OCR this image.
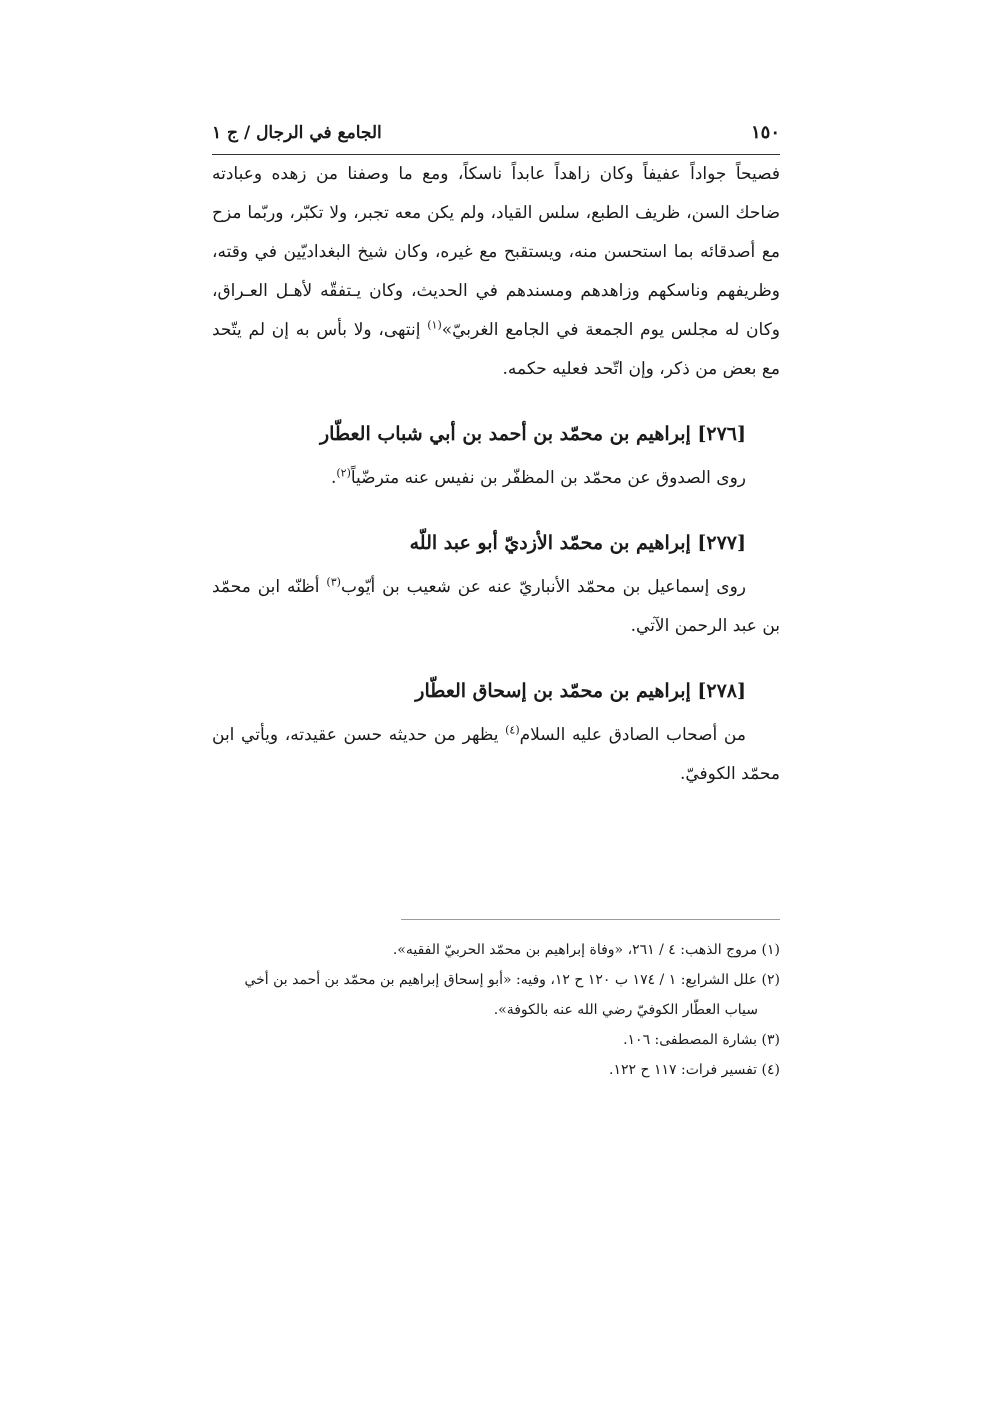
١٥٠
الجامع في الرجال / ج ١

فصيحاً جواداً عفيفاً وكان زاهداً عابداً ناسكاً، ومع ما وصفنا من زهده وعبادته ضاحك السن، ظريف الطبع، سلس القياد، ولم يكن معه تجبر، ولا تكبّر، وربّما مزح مع أصدقائه بما استحسن منه، ويستقبح مع غيره، وكان شيخ البغداديّين في وقته، وظريفهم وناسكهم وزاهدهم ومسندهم في الحديث، وكان يـتفقّه لأهـل العـراق، وكان له مجلس يوم الجمعة في الجامع الغربيّ»$^{(١)}$ إنتهى، ولا بأس به إن لم يتّحد مع بعض من ذكر، وإن اتّحد فعليه حكمه.

[٢٧٦] إبراهيم بن محمّد بن أحمد بن أبي شباب العطّار

روى الصدوق عن محمّد بن المظفّر بن نفيس عنه مترضّياً$^{(٢)}$.

[٢٧٧] إبراهيم بن محمّد الأزديّ أبو عبد اللّه

روى إسماعيل بن محمّد الأنباريّ عنه عن شعيب بن أيّوب$^{(٣)}$ أظنّه ابن محمّد بن عبد الرحمن الآتي.

[٢٧٨] إبراهيم بن محمّد بن إسحاق العطّار

من أصحاب الصادق عليه السلام$^{(٤)}$ يظهر من حديثه حسن عقيدته، ويأتي ابن محمّد الكوفيّ.

(١) مروج الذهب: ٤ / ٢٦١، «وفاة إبراهيم بن محمّد الحربيّ الفقيه».

(٢) علل الشرايع: ١ / ١٧٤ ب ١٢٠ ح ١٢، وفيه: «أبو إسحاق إبراهيم بن محمّد بن أحمد بن أخي

سياب العطّار الكوفيّ رضي الله عنه بالكوفة».

(٣) بشارة المصطفى: ١٠٦.

(٤) تفسير فرات: ١١٧ ح ١٢٢.
